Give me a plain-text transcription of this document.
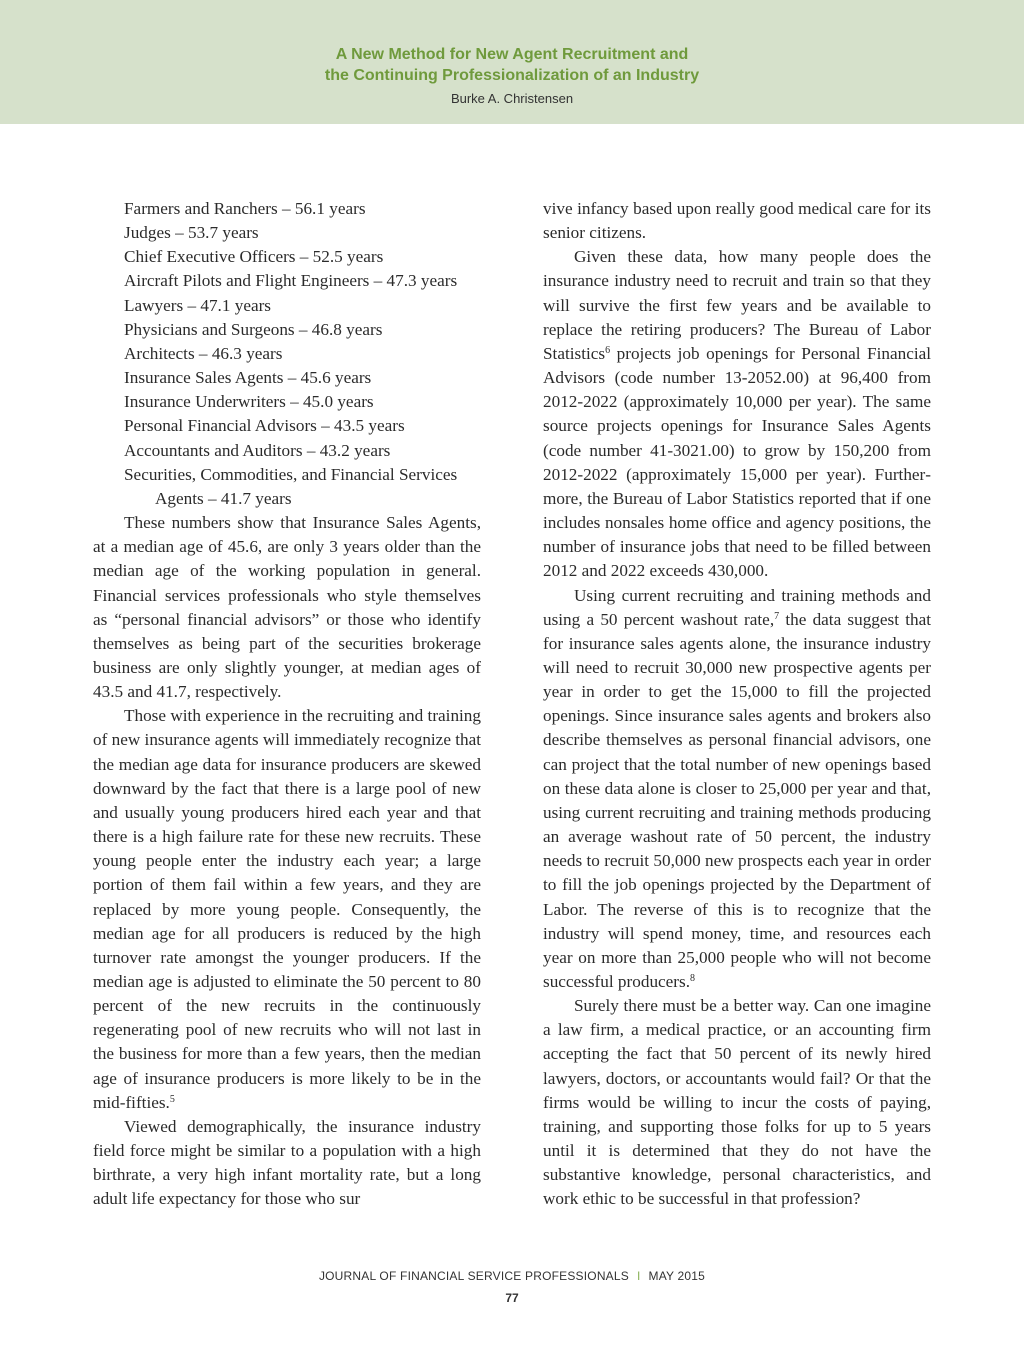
A New Method for New Agent Recruitment and
the Continuing Professionalization of an Industry
Burke A. Christensen
Farmers and Ranchers – 56.1 years
Judges – 53.7 years
Chief Executive Officers – 52.5 years
Aircraft Pilots and Flight Engineers – 47.3 years
Lawyers – 47.1 years
Physicians and Surgeons – 46.8 years
Architects – 46.3 years
Insurance Sales Agents – 45.6 years
Insurance Underwriters – 45.0 years
Personal Financial Advisors – 43.5 years
Accountants and Auditors – 43.2 years
Securities, Commodities, and Financial Services
Agents – 41.7 years

These numbers show that Insurance Sales Agents, at a median age of 45.6, are only 3 years older than the median age of the working population in general. Financial services professionals who style themselves as “personal financial advisors” or those who identify themselves as being part of the securities brokerage business are only slightly younger, at median ages of 43.5 and 41.7, respectively.

Those with experience in the recruiting and training of new insurance agents will immediately recognize that the median age data for insurance producers are skewed downward by the fact that there is a large pool of new and usually young producers hired each year and that there is a high failure rate for these new recruits. These young people enter the industry each year; a large portion of them fail within a few years, and they are replaced by more young people. Consequently, the median age for all producers is reduced by the high turnover rate amongst the younger producers. If the median age is adjusted to eliminate the 50 percent to 80 percent of the new recruits in the continuously regenerating pool of new recruits who will not last in the business for more than a few years, then the median age of insurance producers is more likely to be in the mid-fifties.$^5$

Viewed demographically, the insurance industry field force might be similar to a population with a high birthrate, a very high infant mortality rate, but a long adult life expectancy for those who sur

vive infancy based upon really good medical care for its senior citizens.

Given these data, how many people does the insurance industry need to recruit and train so that they will survive the first few years and be available to replace the retiring producers? The Bureau of Labor Statistics$^6$ projects job openings for Personal Financial Advisors (code number 13-2052.00) at 96,400 from 2012-2022 (approximately 10,000 per year). The same source projects openings for Insurance Sales Agents (code number 41-3021.00) to grow by 150,200 from 2012-2022 (approximately 15,000 per year). Furthermore, the Bureau of Labor Statistics reported that if one includes nonsales home office and agency positions, the number of insurance jobs that need to be filled between 2012 and 2022 exceeds 430,000.

Using current recruiting and training methods and using a 50 percent washout rate,$^7$ the data suggest that for insurance sales agents alone, the insurance industry will need to recruit 30,000 new prospective agents per year in order to get the 15,000 to fill the projected openings. Since insurance sales agents and brokers also describe themselves as personal financial advisors, one can project that the total number of new openings based on these data alone is closer to 25,000 per year and that, using current recruiting and training methods producing an average washout rate of 50 percent, the industry needs to recruit 50,000 new prospects each year in order to fill the job openings projected by the Department of Labor. The reverse of this is to recognize that the industry will spend money, time, and resources each year on more than 25,000 people who will not become successful producers.$^8$

Surely there must be a better way. Can one imagine a law firm, a medical practice, or an accounting firm accepting the fact that 50 percent of its newly hired lawyers, doctors, or accountants would fail? Or that the firms would be willing to incur the costs of paying, training, and supporting those folks for up to 5 years until it is determined that they do not have the substantive knowledge, personal characteristics, and work ethic to be successful in that profession?

JOURNAL OF FINANCIAL SERVICE PROFESSIONALS I MAY 2015
77
